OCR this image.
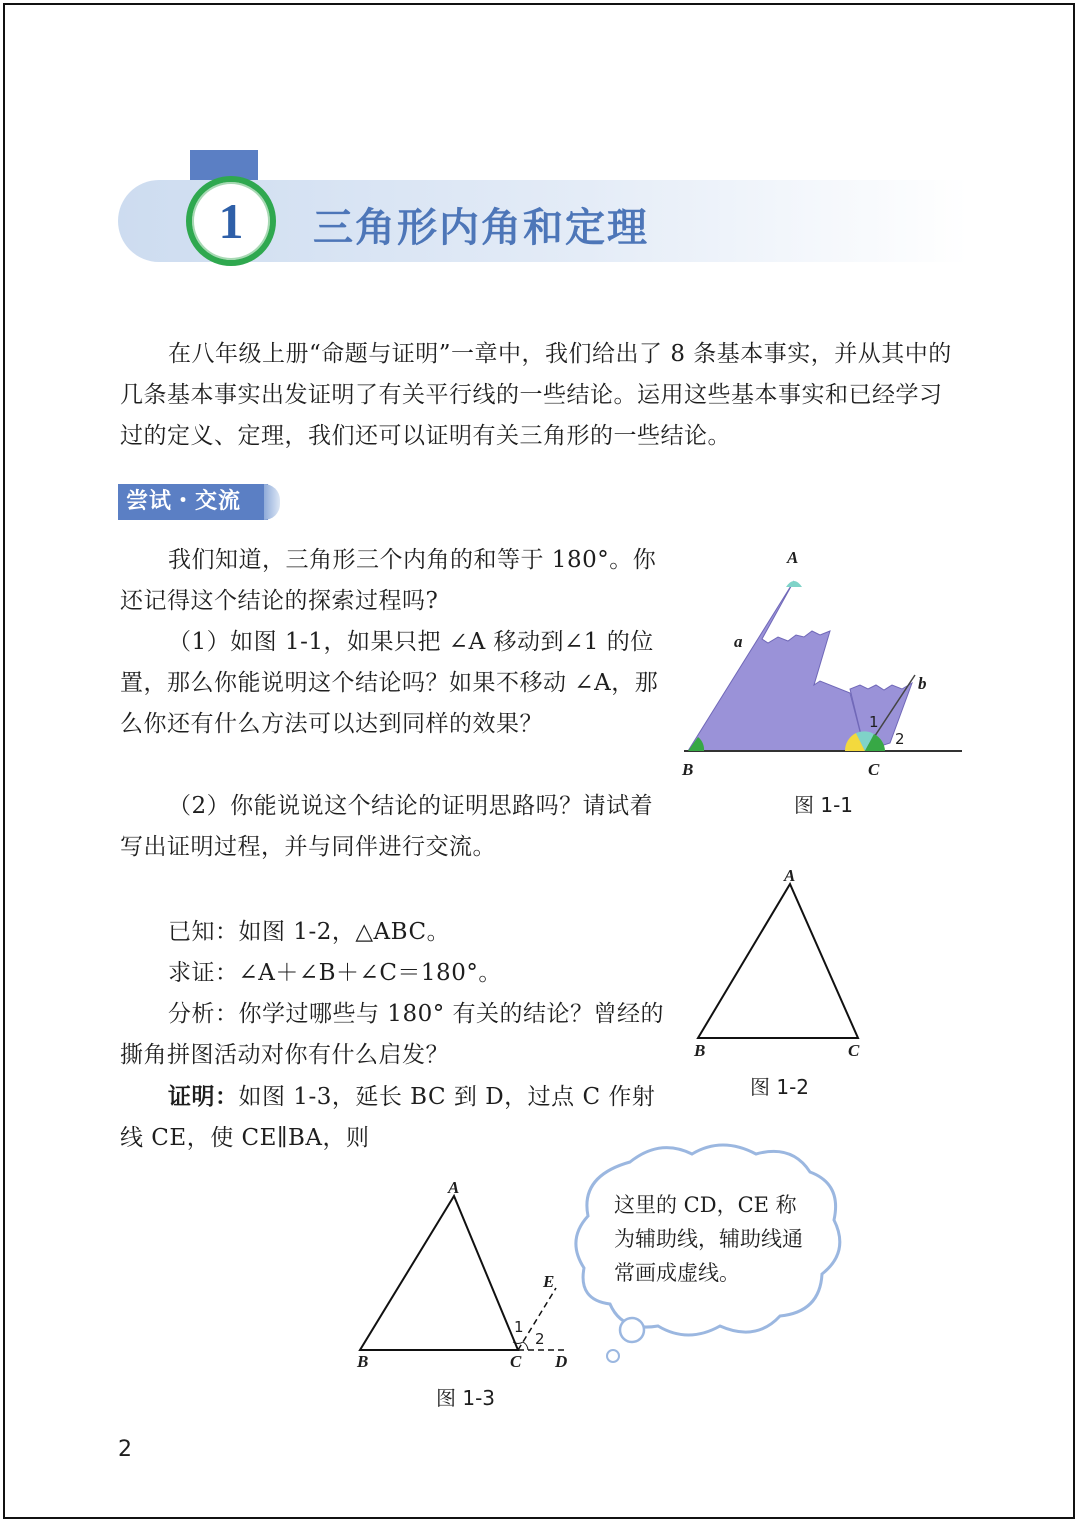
1	三角形内角和定理
在八年级上册“命题与证明”一章中，我们给出了 8 条基本事实，并从其中的几条基本事实出发证明了有关平行线的一些结论。运用这些基本事实和已经学习过的定义、定理，我们还可以证明有关三角形的一些结论。
尝试・交流
我们知道，三角形三个内角的和等于 180°。你还记得这个结论的探索过程吗?
（1）如图 1-1，如果只把 ∠A 移动到∠1 的位置，那么你能说明这个结论吗？如果不移动 ∠A，那么你还有什么方法可以达到同样的效果？
（2）你能说说这个结论的证明思路吗？请试着写出证明过程，并与同伴进行交流。
A
a
b
1
2
B	C
图 1-1
已知：如图 1-2，△ABC。
求证：∠A＋∠B＋∠C＝180°。
分析：你学过哪些与 180° 有关的结论？曾经的撕角拼图活动对你有什么启发？
证明：如图 1-3，延长 BC 到 D，过点 C 作射线 CE，使 CE∥BA，则
A
B	C
图 1-2
A
E
1
2
B	C D
图 1-3
这里的 CD，CE 称为辅助线，辅助线通常画成虚线。
2
